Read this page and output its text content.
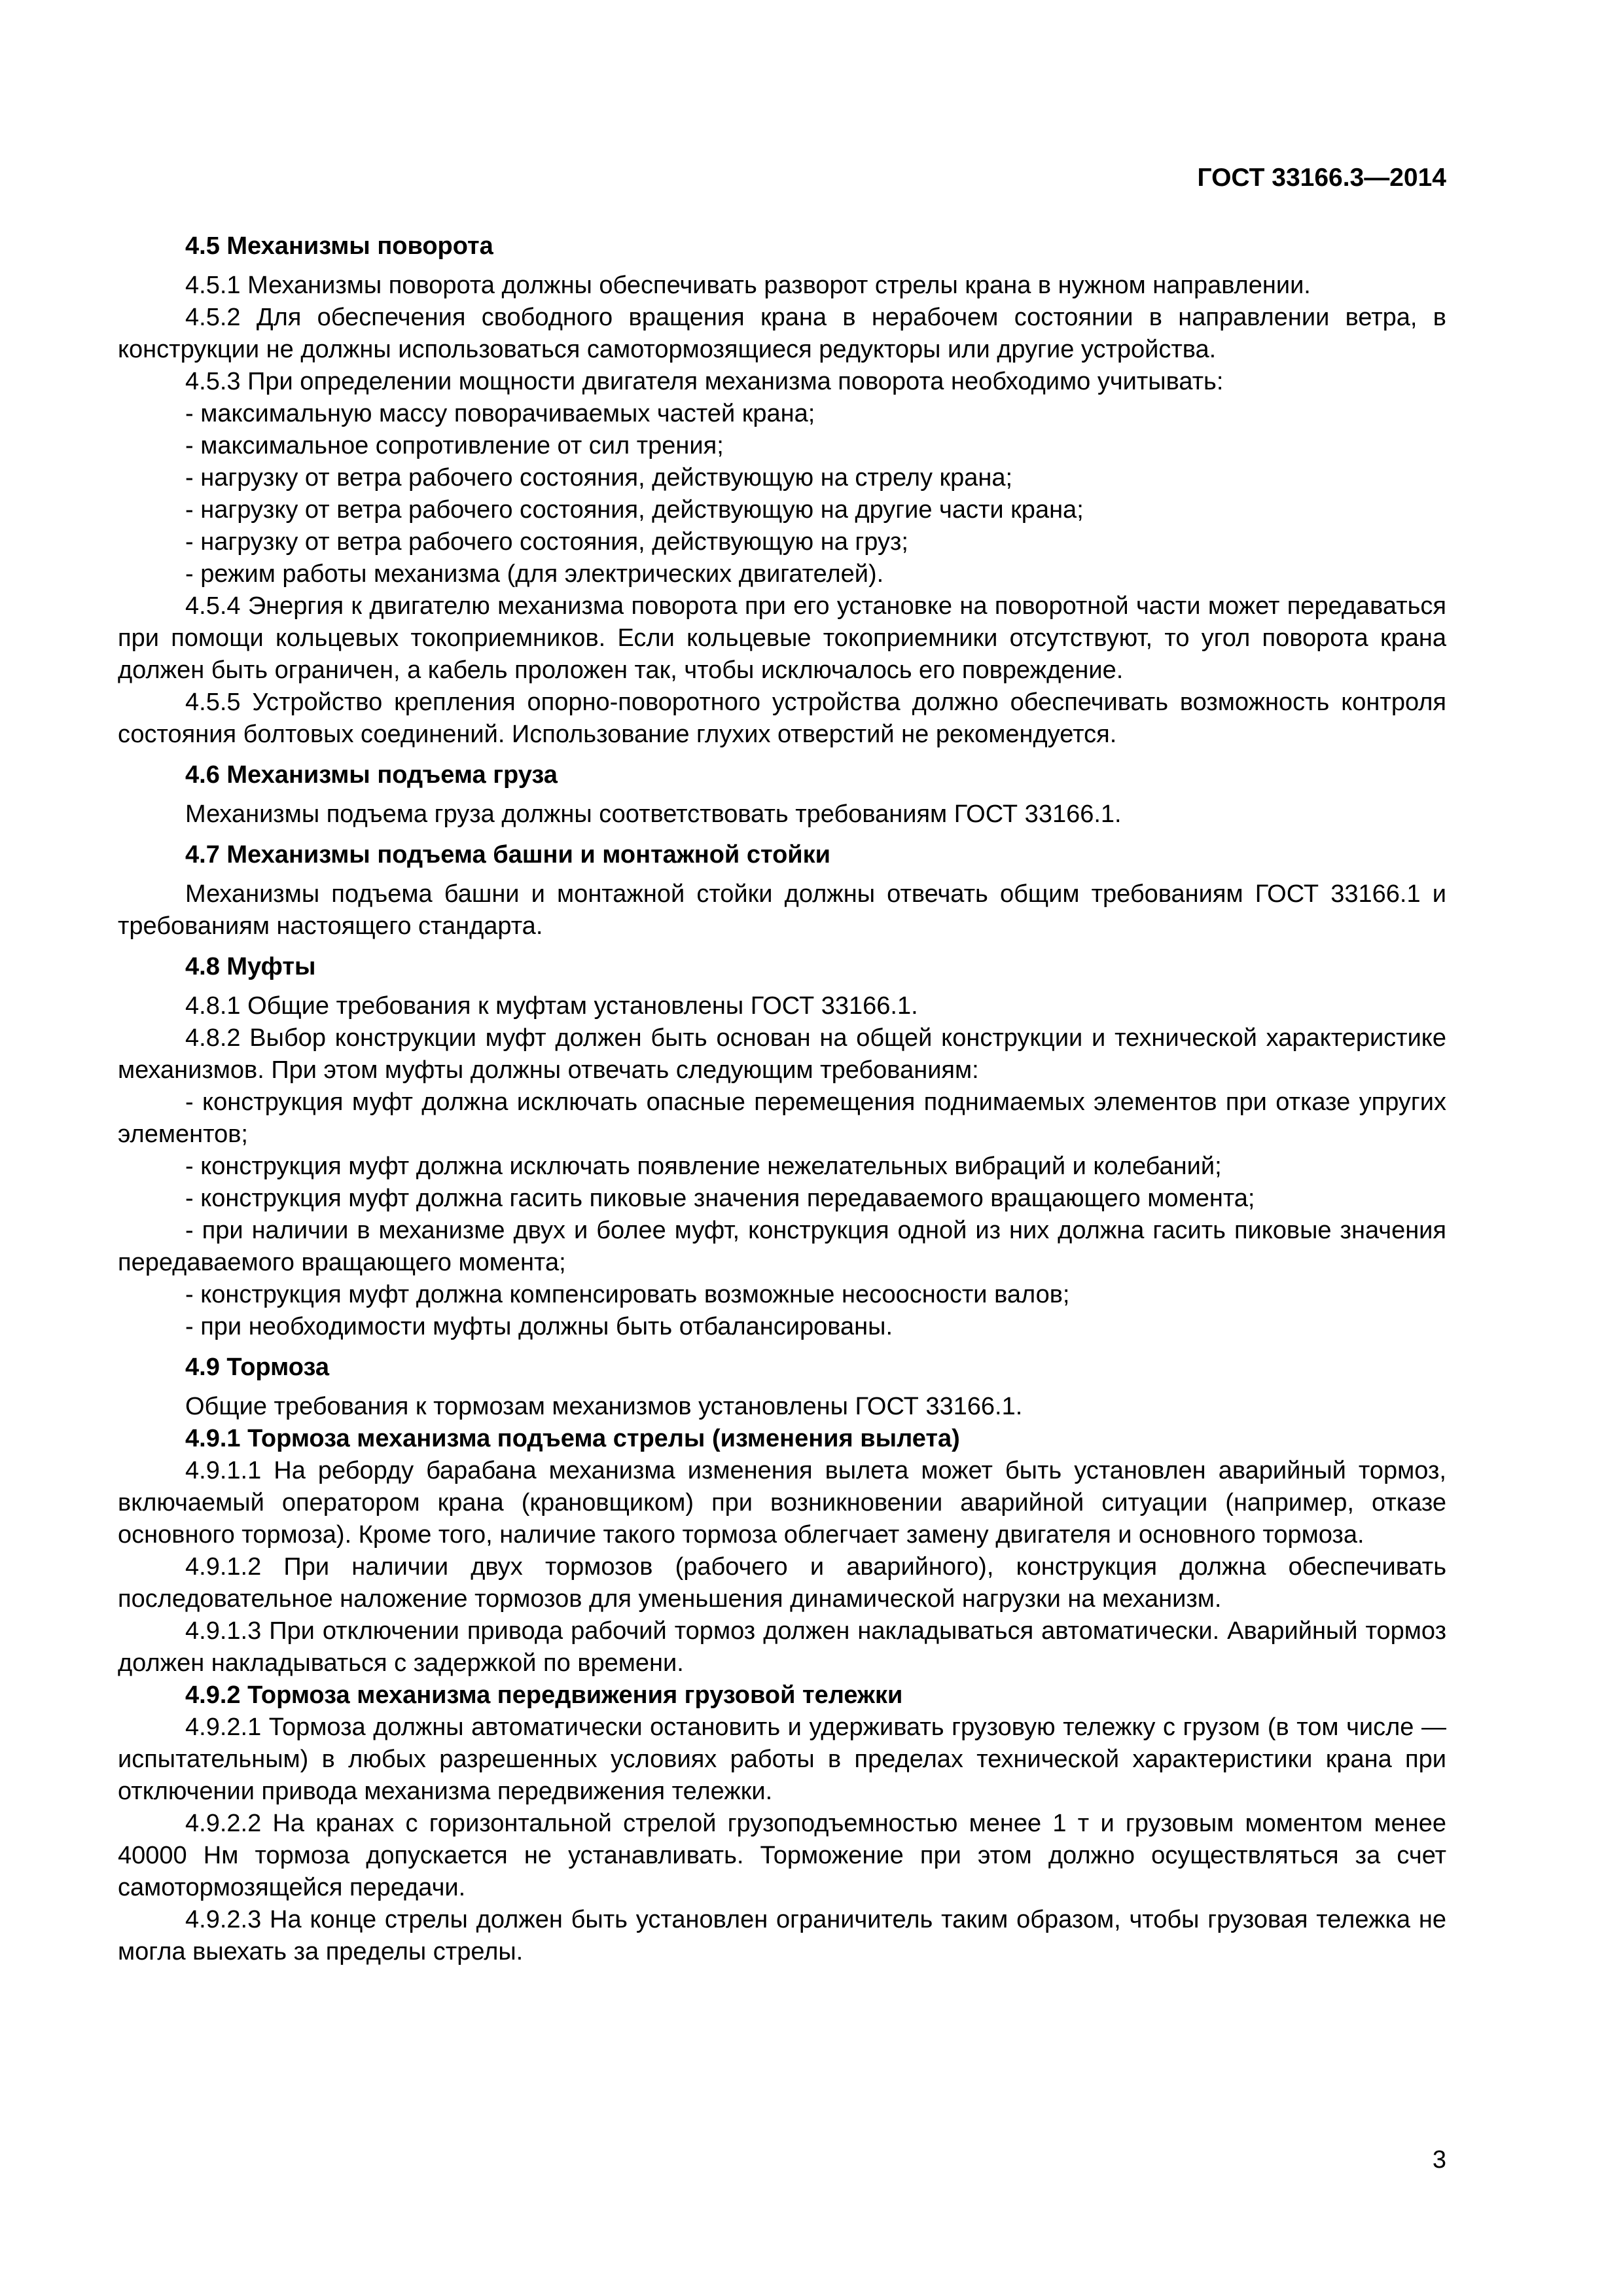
ГОСТ 33166.3—2014

4.5 Механизмы поворота

4.5.1 Механизмы поворота должны обеспечивать разворот стрелы крана в нужном направлении.

4.5.2 Для обеспечения свободного вращения крана в нерабочем состоянии в направлении ветра, в конструкции не должны использоваться самотормозящиеся редукторы или другие устройства.

4.5.3 При определении мощности двигателя механизма поворота необходимо учитывать:

- максимальную массу поворачиваемых частей крана;

- максимальное сопротивление от сил трения;

- нагрузку от ветра рабочего состояния, действующую на стрелу крана;

- нагрузку от ветра рабочего состояния, действующую на другие части крана;

- нагрузку от ветра рабочего состояния, действующую на груз;

- режим работы механизма (для электрических двигателей).

4.5.4 Энергия к двигателю механизма поворота при его установке на поворотной части может передаваться при помощи кольцевых токоприемников. Если кольцевые токоприемники отсутствуют, то угол поворота крана должен быть ограничен, а кабель проложен так, чтобы исключалось его повреждение.

4.5.5 Устройство крепления опорно-поворотного устройства должно обеспечивать возможность контроля состояния болтовых соединений. Использование глухих отверстий не рекомендуется.

4.6 Механизмы подъема груза

Механизмы подъема груза должны соответствовать требованиям ГОСТ 33166.1.

4.7 Механизмы подъема башни и монтажной стойки

Механизмы подъема башни и монтажной стойки должны отвечать общим требованиям ГОСТ 33166.1 и требованиям настоящего стандарта.

4.8 Муфты

4.8.1 Общие требования к муфтам установлены ГОСТ 33166.1.

4.8.2 Выбор конструкции муфт должен быть основан на общей конструкции и технической характеристике механизмов. При этом муфты должны отвечать следующим требованиям:

- конструкция муфт должна исключать опасные перемещения поднимаемых элементов при отказе упругих элементов;

- конструкция муфт должна исключать появление нежелательных вибраций и колебаний;

- конструкция муфт должна гасить пиковые значения передаваемого вращающего момента;

- при наличии в механизме двух и более муфт, конструкция одной из них должна гасить пиковые значения передаваемого вращающего момента;

- конструкция муфт должна компенсировать возможные несоосности валов;

- при необходимости муфты должны быть отбалансированы.

4.9 Тормоза

Общие требования к тормозам механизмов установлены ГОСТ 33166.1.

4.9.1 Тормоза механизма подъема стрелы (изменения вылета)

4.9.1.1 На реборду барабана механизма изменения вылета может быть установлен аварийный тормоз, включаемый оператором крана (крановщиком) при возникновении аварийной ситуации (например, отказе основного тормоза). Кроме того, наличие такого тормоза облегчает замену двигателя и основного тормоза.

4.9.1.2 При наличии двух тормозов (рабочего и аварийного), конструкция должна обеспечивать последовательное наложение тормозов для уменьшения динамической нагрузки на механизм.

4.9.1.3 При отключении привода рабочий тормоз должен накладываться автоматически. Аварийный тормоз должен накладываться с задержкой по времени.

4.9.2 Тормоза механизма передвижения грузовой тележки

4.9.2.1 Тормоза должны автоматически остановить и удерживать грузовую тележку с грузом (в том числе — испытательным) в любых разрешенных условиях работы в пределах технической характеристики крана при отключении привода механизма передвижения тележки.

4.9.2.2 На кранах с горизонтальной стрелой грузоподъемностью менее 1 т и грузовым моментом менее 40000 Нм тормоза допускается не устанавливать. Торможение при этом должно осуществляться за счет самотормозящейся передачи.

4.9.2.3 На конце стрелы должен быть установлен ограничитель таким образом, чтобы грузовая тележка не могла выехать за пределы стрелы.

3
